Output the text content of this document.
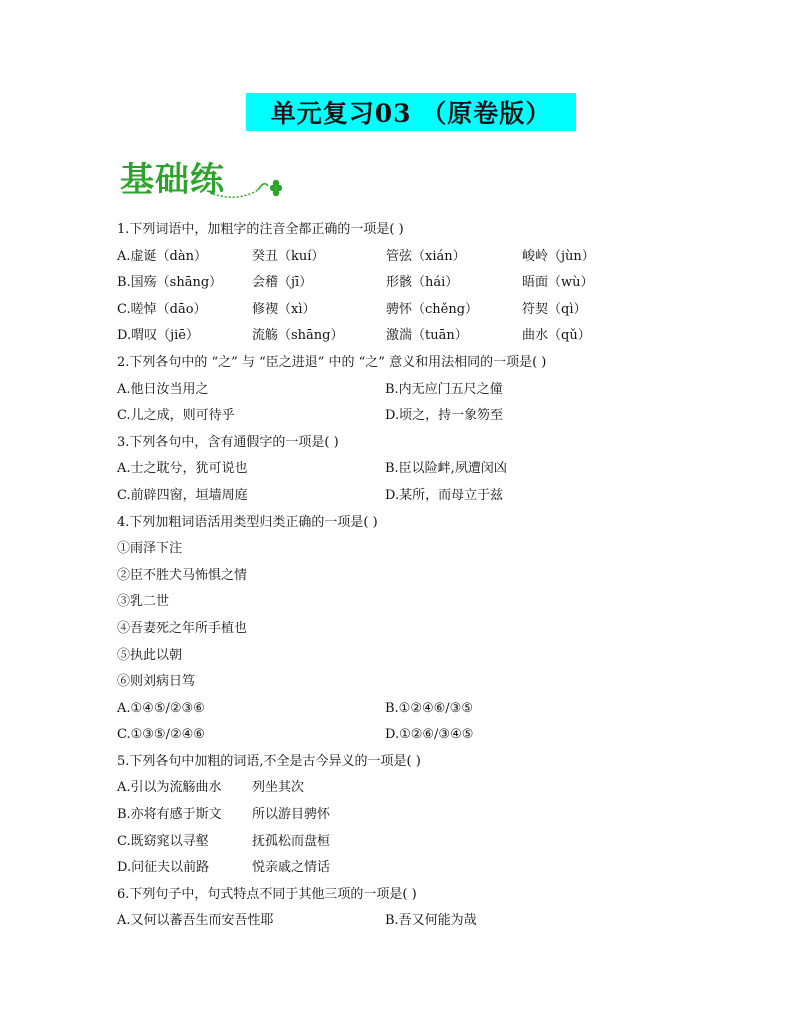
单元复习03 （原卷版）
基础练
1.下列词语中，加粗字的注音全都正确的一项是( )
A.虚诞（dàn）	癸丑（kuí）	管弦（xián）	峻岭（jùn）
B.国殇（shāng）	会稽（jī）	形骸（hái）	晤面（wù）
C.嗟悼（dāo）	修禊（xì）	骋怀（chěng）	符契（qì）
D.喟叹（jiē）	流觞（shāng）	激湍（tuān）	曲水（qǔ）
2.下列各句中的 “之” 与 “臣之进退” 中的 “之” 意义和用法相同的一项是( )
A.他日汝当用之	B.内无应门五尺之僮
C.儿之成，则可待乎	D.顷之，持一象笏至
3.下列各句中，含有通假字的一项是( )
A.士之耽兮，犹可说也	B.臣以险衅,夙遭闵凶
C.前辟四窗，垣墙周庭	D.某所，而母立于兹
4.下列加粗词语活用类型归类正确的一项是( )
①雨泽下注
②臣不胜犬马怖惧之情
③乳二世
④吾妻死之年所手植也
⑤执此以朝
⑥则刘病日笃
A.①④⑤/②③⑥	B.①②④⑥/③⑤
C.①③⑤/②④⑥	D.①②⑥/③④⑤
5.下列各句中加粗的词语,不全是古今异义的一项是( )
A.引以为流觞曲水	列坐其次
B.亦将有感于斯文	所以游目骋怀
C.既窈窕以寻壑	抚孤松而盘桓
D.问征夫以前路	悦亲戚之情话
6.下列句子中，句式特点不同于其他三项的一项是( )
A.又何以蕃吾生而安吾性耶	B.吾又何能为哉
